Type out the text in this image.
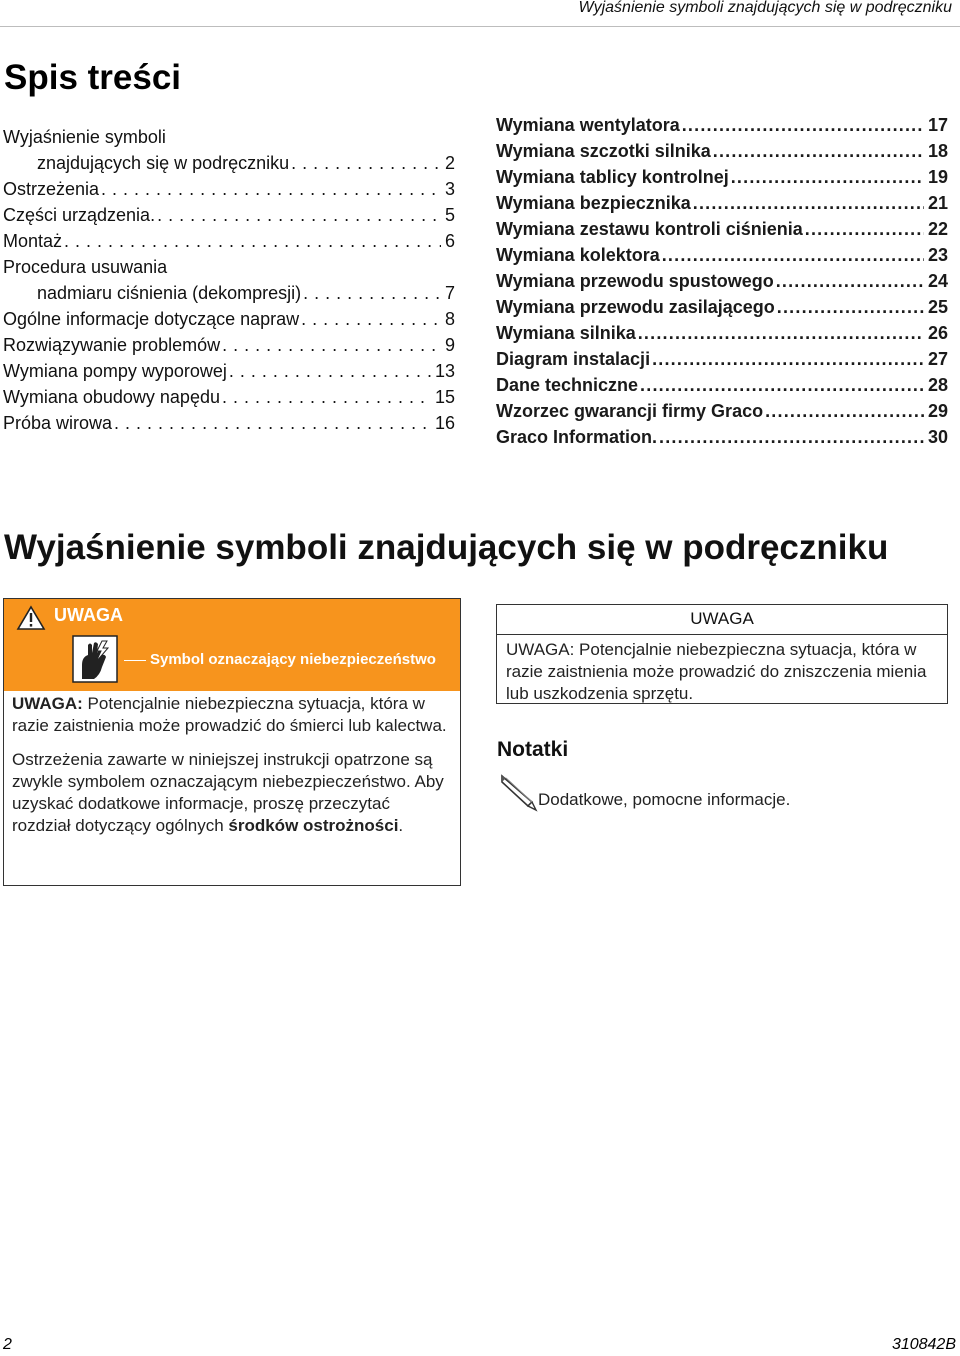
Wyjaśnienie symboli znajdujących się w podręczniku
Spis treści
Wyjaśnienie symboli
znajdujących się w podręczniku . . .	2
Ostrzeżenia . . .	3
Części urządzenia. . . .	5
Montaż . . .	6
Procedura usuwania
nadmiaru ciśnienia (dekompresji) . . .	7
Ogólne informacje dotyczące napraw . . .	8
Rozwiązywanie problemów . . .	9
Wymiana pompy wyporowej . . .	13
Wymiana obudowy napędu . . .	15
Próba wirowa . . .	16
Wymiana wentylatora .....	17
Wymiana szczotki silnika .....	18
Wymiana tablicy kontrolnej .....	19
Wymiana bezpiecznika .....	21
Wymiana zestawu kontroli ciśnienia .....	22
Wymiana kolektora .....	23
Wymiana przewodu spustowego .....	24
Wymiana przewodu zasilającego .....	25
Wymiana silnika .....	26
Diagram instalacji .....	27
Dane techniczne .....	28
Wzorzec gwarancji firmy Graco .....	29
Graco Information. .....	30
Wyjaśnienie symboli znajdujących się w podręczniku
UWAGA
Symbol oznaczający niebezpieczeństwo

UWAGA: Potencjalnie niebezpieczna sytuacja, która w razie zaistnienia może prowadzić do śmierci lub kalectwa.

Ostrzeżenia zawarte w niniejszej instrukcji opatrzone są zwykle symbolem oznaczającym niebezpieczeństwo. Aby uzyskać dodatkowe informacje, proszę przeczytać rozdział dotyczący ogólnych środków ostrożności.

UWAGA
UWAGA: Potencjalnie niebezpieczna sytuacja, która w razie zaistnienia może prowadzić do zniszczenia mienia lub uszkodzenia sprzętu.
Notatki
Dodatkowe, pomocne informacje.
2	310842B
